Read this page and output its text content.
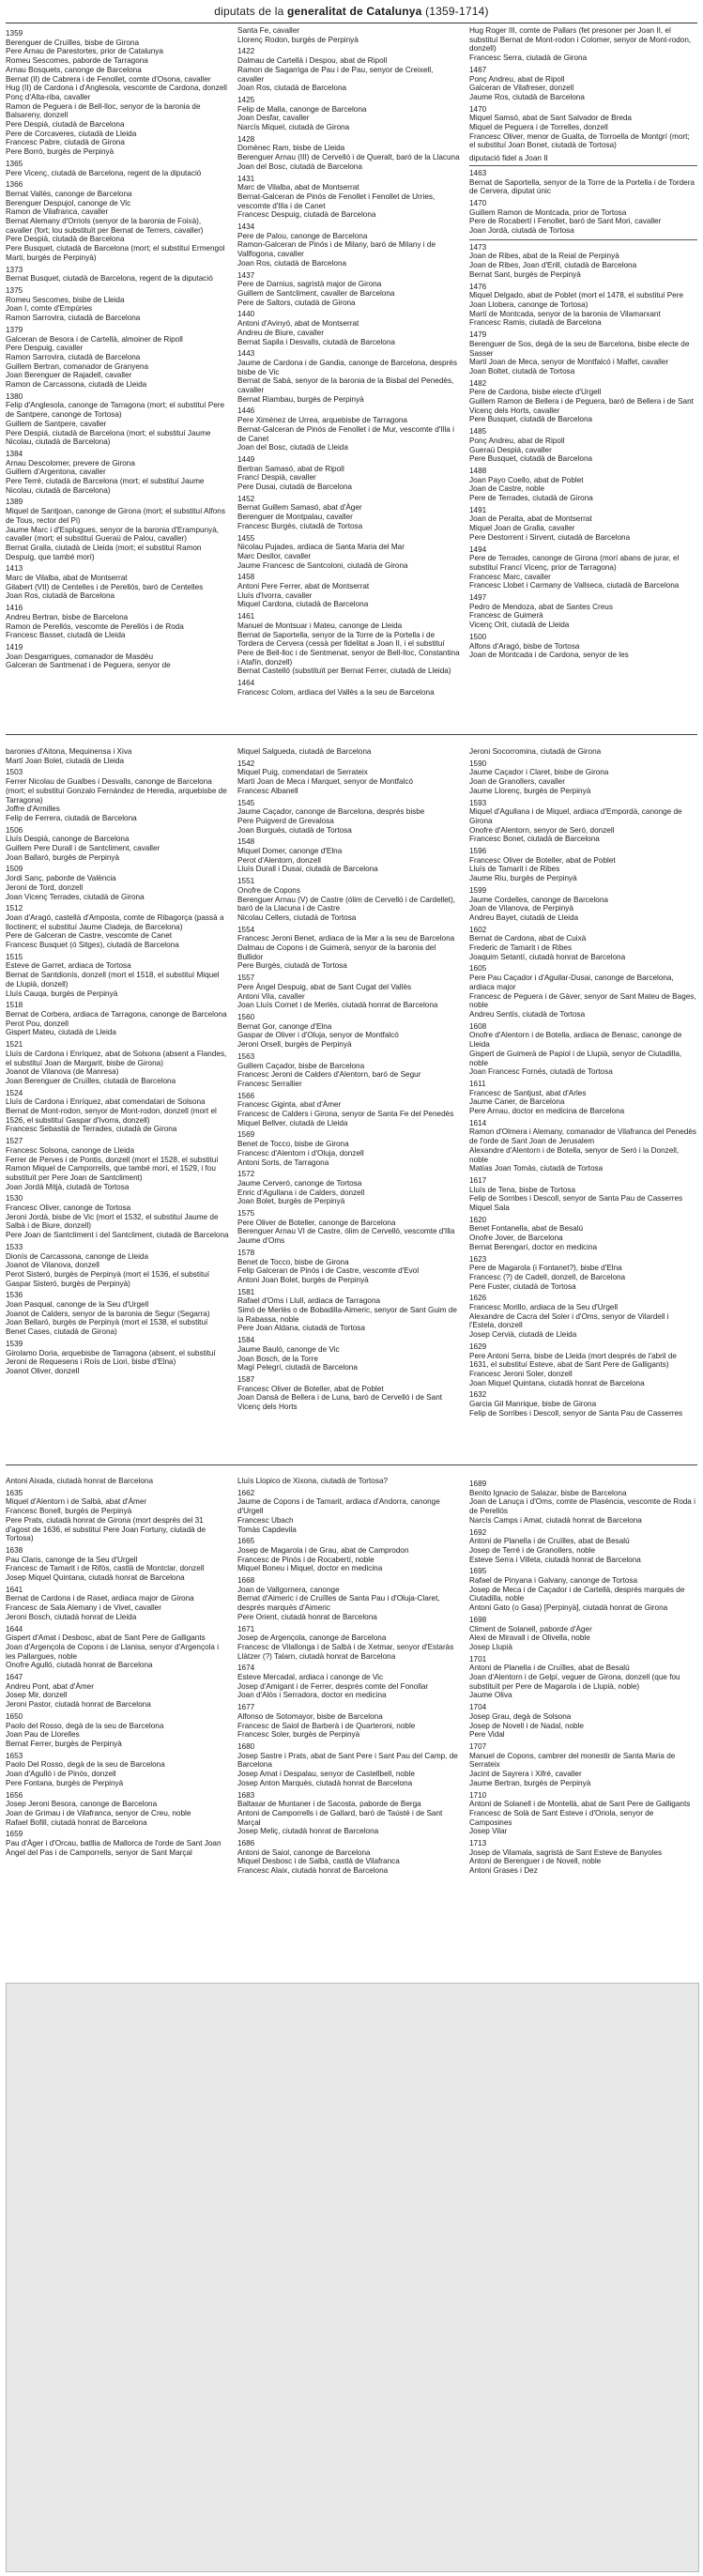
diputats de la generalitat de Catalunya (1359-1714)
1359
Berenguer de Cruïlles, bisbe de Girona
Pere Arnau de Parestortes, prior de Catalunya
Romeu Sescomes, paborde de Tarragona
Arnau Bosquets, canonge de Barcelona
Bernat (II) de Cabrera i de Fenollet, comte d'Osona, cavaller
Hug (II) de Cardona i d'Anglesola, vescomte de Cardona, donzell
Ponç d'Alta-riba, cavaller
Ramon de Peguera i de Bell-lloc, senyor de la baronia de Balsareny, donzell
Pere Despià, ciutadà de Barcelona
Pere de Corcaveres, ciutadà de Lleida
Francesc Pabre, ciutadà de Girona
Pere Borrò, burgès de Perpinyà
1365
Pere Vicenç, ciutadà de Barcelona, regent de la diputació
1366
Bernat Vallès, canonge de Barcelona
Berenguer Despujol, canonge de Vic
Ramon de Vilafranca, cavaller
Bernat Alemany d'Orriols (senyor de la baronia de Foixà), cavaller (fort; lou substituït per Bernat de Terrers, cavaller)
Pere Despià, ciutadà de Barcelona
Pere Busquet, ciutadà de Barcelona (mort; el substituí Ermengol Marti, burgès de Perpinyà)
1373
Bernat Busquet, ciutadà de Barcelona, regent de la diputació
1375
Romeu Sescomes, bisbe de Lleida
Joan I, comte d'Empúries
Ramon Sarrovira, ciutadà de Barcelona
1379
Galceran de Besora i de Cartellà, almoiner de Ripoll
Pere Despuig, cavaller
Ramon Sarrovira, ciutadà de Barcelona
Guillem Bertran, comanador de Granyena
Joan Berenguer de Rajadell, cavaller
Ramon de Carcassona, ciutadà de Lleida
1380
Felip d'Anglesola, canonge de Tarragona (mort; el substituí Pere de Santpere, canonge de Tortosa)
Guillem de Santpere, cavaller
Pere Despiá, ciutadà de Barcelona (mort; el substituí Jaume Nicolau, ciutadà de Barcelona)
1384
Arnau Descolomer, prevere de Girona
Guillem d'Argentona, cavaller
Pere Terré, ciutadà de Barcelona (mort; el substituí Jaume Nicolau, ciutadà de Barcelona)
1389
Miquel de Santjoan, canonge de Girona (mort; el substituí Alfons de Tous, rector del Pi)
Jaume Marc i d'Esplugues, senyor de la baronia d'Erampunyà, cavaller (mort; el substituí Gueraü de Palou, cavaller)
Bernat Gralla, ciutadà de Lleida (mort; el substituí Ramon Despuig, que també morí)
1413
Marc de Vilalba, abat de Montserrat
Gilabert (VII) de Centelles i de Perellós, baró de Centelles
Joan Ros, ciutadà de Barcelona
1416
Andreu Bertran, bisbe de Barcelona
Ramon de Perellós, vescomte de Perellós i de Roda
Francesc Basset, ciutadà de Lleida
1419
Joan Desgarrigues, comanador de Masdéu
Galceran de Santmenat i de Peguera, senyor de
Santa Fe, cavaller
Llorenç Rodon, burgès de Perpinyà
1422
Dalmau de Cartellà i Despou, abat de Ripoll
Ramon de Sagarriga de Pau i de Pau, senyor de Creixell, cavaller
Joan Ros, ciutadà de Barcelona
1425
Felip de Malla, canonge de Barcelona
Joan Desfar, cavaller
Narcís Miquel, ciutadà de Girona
1428
Domènec Ram, bisbe de Lleida
Berenguer Arnau (III) de Cervelló i de Queralt, baró de la Llacuna
Joan del Bosc, ciutadà de Barcelona
1431
Marc de Vilalba, abat de Montserrat
Bernat-Galceran de Pinós de Fenollet i Fenollet de Urries, vescomte d'Illa i de Canet
Francesc Despuig, ciutadà de Barcelona
1434
Pere de Palou, canonge de Barcelona
Ramon-Galceran de Pinós i de Milany, baró de Milany i de Vallfogona, cavaller
Joan Ros, ciutadà de Barcelona
1437
Pere de Darnius, sagristà major de Girona
Guillem de Santcliment, cavaller de Barcelona
Pere de Saltors, ciutadà de Girona
1440
Antoni d'Avinyó, abat de Montserrat
Andreu de Biure, cavaller
Bernat Sapila i Desvalls, ciutadà de Barcelona
1443
Jaume de Cardona i de Gandia, canonge de Barcelona, després bisbe de Vic
Bernat de Sabà, senyor de la baronia de la Bisbal del Penedès, cavaller
Bernat Riambau, burgès de Perpinyà
1446
Pere Ximénez de Urrea, arquebisbe de Tarragona
Bernat-Galceran de Pinós de Fenollet i de Mur, vescomte d'Illa i de Canet
Joan del Bosc, ciutadà de Lleida
1449
Bertran Samasó, abat de Ripoll
Francí Despià, cavaller
Pere Dusai, ciutadà de Barcelona
1452
Bernat Guillem Samasó, abat d'Àger
Berenguer de Montpalau, cavaller
Francesc Burgès, ciutadà de Tortosa
1455
Nicolau Pujades, ardiaca de Santa Maria del Mar
Marc Desllor, cavaller
Jaume Francesc de Santcoloni, ciutadà de Girona
1458
Antoni Pere Ferrer, abat de Montserrat
Lluís d'Ivorra, cavaller
Miquel Cardona, ciutadà de Barcelona
1461
Manuel de Montsuar i Mateu, canonge de Lleida
Bernat de Saportella, senyor de la Torre de la Portella i de Tordera de Cervera (cessà per fidelitat a Joan II, i el substituí Pere de Bell-lloc i de Sentmenat, senyor de Bell-lloc, Constantina i Atafín, donzell)
Bernat Castelló (substituït per Bernat Ferrer, ciutadà de Lleida)
1464
Francesc Colom, ardiaca del Vallès a la seu de Barcelona
Hug Roger III, comte de Pallars (fet presoner per Joan II, el substituí Bernat de Mont-rodon i Colomer, senyor de Mont-rodon, donzell)
Francesc Serra, ciutadà de Girona
1467
Ponç Andreu, abat de Ripoll
Galceran de Vilafreser, donzell
Jaume Ros, ciutadà de Barcelona
1470
Miquel Samsó, abat de Sant Salvador de Breda
Miquel de Peguera i de Torrelles, donzell
Francesc Oliver, menor de Gualta, de Torroella de Montgrí (mort; el substituí Joan Bonet, ciutadà de Tortosa)
diputació fidel a Joan II
1463
Bernat de Saportella, senyor de la Torre de la Portella i de Tordera de Cervera, diputat únic
1470
Guillem Ramon de Montcada, prior de Tortosa
Pere de Rocabertí i Fenollet, baró de Sant Mori, cavaller
Joan Jordà, ciutadà de Tortosa
1473
Joan de Ribes, abat de la Reial de Perpinyà
Joan de Ribes, Joan d'Erill, ciutadà de Barcelona
Bernat Sant, burgès de Perpinyà
1476
Miquel Delgado, abat de Poblet (mort el 1478, el substituí Pere Joan Llobera, canonge de Tortosa)
Martí de Montcada, senyor de la baronia de Vilamarxant
Francesc Ramis, ciutadà de Barcelona
1479
Berenguer de Sos, degà de la seu de Barcelona, bisbe electe de Sasser
Martí Joan de Meca, senyor de Montfalcó i Malfet, cavaller
Joan Boltet, ciutadà de Tortosa
1482
Pere de Cardona, bisbe electe d'Urgell
Guillem Ramon de Bellera i de Peguera, baró de Bellera i de Sant Vicenç dels Horts, cavaller
Pere Busquet, ciutadà de Barcelona
1485
Ponç Andreu, abat de Ripoll
Gueraü Despiá, cavaller
Pere Busquet, ciutadà de Barcelona
1488
Joan Payo Coello, abat de Poblet
Joan de Castre, noble
Pere de Terrades, ciutadà de Girona
1491
Joan de Peralta, abat de Montserrat
Miquel Joan de Gralla, cavaller
Pere Destorrent i Sirvent, ciutadà de Barcelona
1494
Pere de Terrades, canonge de Girona (morí abans de jurar, el substituí Francí Vicenç, prior de Tarragona)
Francesc Marc, cavaller
Francesc Llobet i Carmany de Vallseca, ciutadà de Barcelona
1497
Pedro de Mendoza, abat de Santes Creus
Francesc de Guimerà
Vicenç Orit, ciutadà de Lleida
1500
Alfons d'Aragó, bisbe de Tortosa
Joan de Montcada i de Cardona, senyor de les
baronies d'Aitona, Mequinensa i Xiva
Martí Joan Bolet, ciutadà de Lleida
1503
Ferrer Nicolau de Gualbes i Desvalls, canonge de Barcelona (mort; el substituí Gonzalo Fernández de Heredia, arquebisbe de Tarragona)
Joffre d'Armilles
Felip de Ferrera, ciutadà de Barcelona
1506
Lluís Despià, canonge de Barcelona
Guillem Pere Durall i de Santcliment, cavaller
Joan Ballaró, burgès de Perpinyà
1509
Jordi Sanç, paborde de València
Jeroni de Tord, donzell
Joan Vicenç Terrades, ciutadà de Girona
1512
Joan d'Aragó, castellà d'Amposta, comte de Ribagorça (passà a lloctinent; el substituí Jaume Cladeja, de Barcelona)
Pere de Galceran de Castre, vescomte de Canet
Francesc Busquet (ó Sitges), ciutadà de Barcelona
1515
Esteve de Garret, ardiaca de Tortosa
Bernat de Santdionís, donzell (mort el 1518, el substituí Miquel de Llupià, donzell)
Lluís Cauqa, burgès de Perpinyà
1518
Bernat de Corbera, ardiaca de Tarragona, canonge de Barcelona
Perot Pou, donzell
Gispert Mateu, ciutadà de Lleida
1521
Lluís de Cardona i Enríquez, abat de Solsona (absent a Flandes, el substituí Joan de Margarit, bisbe de Girona)
Joanot de Vilanova (de Manresa)
Joan Berenguer de Cruïlles, ciutadà de Barcelona
1524
Lluís de Cardona i Enríquez, abat comendatari de Solsona
Bernat de Mont-rodon, senyor de Mont-rodon, donzell (mort el 1526, el substituí Gaspar d'Ivorra, donzell)
Francesc Sebastià de Terrades, ciutadà de Girona
1527
Francesc Solsona, canonge de Lleida
Ferrer de Perves i de Pontis, donzell (mort el 1528, el substituí Ramon Miquel de Camporrells, que també morí, el 1529, i fou substituït per Pere Joan de Santcliment)
Joan Jordà Mitjà, ciutadà de Tortosa
1530
Francesc Oliver, canonge de Tortosa
Jeroni Jordà, bisbe de Vic (mort el 1532, el substituí Jaume de Salbà i de Biure, donzell)
Pere Joan de Santcliment i del Santcliment, ciutadà de Barcelona
1533
Dionís de Carcassona, canonge de Lleida
Joanot de Vilanova, donzell
Perot Sisteró, burgès de Perpinyà (mort el 1536, el substituí Gaspar Sisteró, burgès de Perpinyà)
1536
Joan Pasqual, canonge de la Seu d'Urgell
Joanot de Calders, senyor de la baronia de Segur (Segarra)
Joan Bellaró, burgès de Perpinyà (mort el 1538, el substituí Benet Cases, ciutadà de Girona)
1539
Girolamo Doria, arquebisbe de Tarragona (absent, el substituí Jeroni de Requesens i Roís de Liori, bisbe d'Elna)
Joanot Oliver, donzell
Miquel Salgueda, ciutadà de Barcelona
1542
Miquel Puig, comendatari de Serrateix
Martí Joan de Meca i Marquet, senyor de Montfalcó
Francesc Albanell
1545
Jaume Caçador, canonge de Barcelona, després bisbe
Pere Puigverd de Grevalosa
Joan Burgués, ciutadà de Tortosa
1548
Miquel Domer, canonge d'Elna
Perot d'Alentorn, donzell
Lluís Durall i Dusai, ciutadà de Barcelona
1551
Onofre de Copons
Berenguer Arnau (V) de Castre (ólim de Cervelló i de Cardellet), baró de la Llacuna i de Castre
Nicolau Cellers, ciutadà de Tortosa
1554
Francesc Jeroni Benet, ardiaca de la Mar a la seu de Barcelona
Dalmau de Copons i de Guimerà, senyor de la baronia del Bullidor
Pere Burgès, ciutadà de Tortosa
1557
Pere Àngel Despuig, abat de Sant Cugat del Vallès
Antoni Vila, cavaller
Joan Lluís Cornet i de Merlès, ciutadà honrat de Barcelona
1560
Bernat Gor, canonge d'Elna
Gaspar de Oliver i d'Oluja, senyor de Montfalcó
Jeroni Orsell, burgès de Perpinyà
1563
Guillem Caçador, bisbe de Barcelona
Francesc Jeroni de Calders d'Alentorn, baró de Segur
Francesc Serrallier
1566
Francesc Giginta, abat d'Àmer
Francesc de Calders i Girona, senyor de Santa Fe del Penedès
Miquel Bellver, ciutadà de Lleida
1569
Benet de Tocco, bisbe de Girona
Francesc d'Alentorn i d'Oluja, donzell
Antoni Sorts, de Tarragona
1572
Jaume Cerveró, canonge de Tortosa
Enric d'Agullana i de Calders, donzell
Joan Bolet, burgès de Perpinyà
1575
Pere Oliver de Boteller, canonge de Barcelona
Berenguer Arnau VI de Castre, ólim de Cervelló, vescomte d'Illa
Jaume d'Oms
1578
Benet de Tocco, bisbe de Girona
Felip Galceran de Pinós i de Castre, vescomte d'Evol
Antoni Joan Bolet, burgès de Perpinyà
1581
Rafael d'Oms i Llull, ardiaca de Tarragona
Simó de Merlès o de Bobadilla-Aimeric, senyor de Sant Guim de la Rabassa, noble
Pere Joan Aldana, ciutadà de Tortosa
1584
Jaume Bauló, canonge de Vic
Joan Bosch, de la Torre
Magí Pelegrí, ciutadà de Barcelona
1587
Francesc Oliver de Boteller, abat de Poblet
Joan Dansà de Bellera i de Luna, baró de Cervelló i de Sant Vicenç dels Horts
Jeroni Socorromina, ciutadà de Girona
1590
Jaume Caçador i Claret, bisbe de Girona
Joan de Granollers, cavaller
Jaume Llorenç, burgès de Perpinyà
1593
Miquel d'Agullana i de Miquel, ardiaca d'Empordà, canonge de Girona
Onofre d'Alentorn, senyor de Seró, donzell
Francesc Bonet, ciutadà de Barcelona
1596
Francesc Oliver de Boteller, abat de Poblet
Lluís de Tamarit i de Ribes
Jaume Riu, burgès de Perpinyà
1599
Jaume Cordelles, canonge de Barcelona
Joan de Vilanova, de Perpinyà
Andreu Bayet, ciutadà de Lleida
1602
Bernat de Cardona, abat de Cuixà
Frederic de Tamarit i de Ribes
Joaquim Setantí, ciutadà honrat de Barcelona
1605
Pere Pau Caçador i d'Aguilar-Dusai, canonge de Barcelona, ardiaca major
Francesc de Peguera i de Gàver, senyor de Sant Mateu de Bages, noble
Andreu Sentís, ciutadà de Tortosa
1608
Onofre d'Alentorn i de Botella, ardiaca de Benasc, canonge de Lleida
Gispert de Guimerà de Papiol i de Llupià, senyor de Ciutadilla, noble
Joan Francesc Fornés, ciutadà de Tortosa
1611
Francesc de Santjust, abat d'Arles
Jaume Caner, de Barcelona
Pere Arnau, doctor en medicina de Barcelona
1614
Ramon d'Olmera i Alemany, comanador de Vilafranca del Penedès de l'orde de Sant Joan de Jerusalem
Alexandre d'Alentorn i de Botella, senyor de Seró i la Donzell, noble
Matías Joan Tomàs, ciutadà de Tortosa
1617
Lluís de Tena, bisbe de Tortosa
Felip de Sorribes i Descoll, senyor de Santa Pau de Casserres
Miquel Sala
1620
Benet Fontanella, abat de Besalú
Onofre Jover, de Barcelona
Bernat Berengarí, doctor en medicina
1623
Pere de Magarola (i Fontanet?), bisbe d'Elna
Francesc (?) de Cadell, donzell, de Barcelona
Pere Fuster, ciutadà de Tortosa
1626
Francesc Morillo, ardiaca de la Seu d'Urgell
Alexandre de Cacra del Soler i d'Oms, senyor de Vilardell i l'Estela, donzell
Josep Cervià, ciutadà de Lleida
1629
Pere Antoni Serra, bisbe de Lleida (mort després de l'abril de 1631, el substituí Esteve, abat de Sant Pere de Galligants)
Francesc Jeroni Soler, donzell
Joan Miquel Quintana, ciutadà honrat de Barcelona
1632
Garcia Gil Manrique, bisbe de Girona
Felip de Sorribes i Descoll, senyor de Santa Pau de Casserres
Antoni Aixada, ciutadà honrat de Barcelona
1635
Miquel d'Alentorn i de Salbà, abat d'Àmer
Francesc Bonell, burgès de Perpinyà
Pere Prats, ciutadà honrat de Girona (mort després del 31 d'agost de 1636, el substituí Pere Joan Fortuny, ciutadà de Tortosa)
1638
Pau Claris, canonge de la Seu d'Urgell
Francesc de Tamarit i de Rifós, castlà de Montclar, donzell
Josep Miquel Quintana, ciutadà honrat de Barcelona
1641
Bernat de Cardona i de Raset, ardiaca major de Girona
Francesc de Sala Alemany i de Vivet, cavaller
Jeroni Bosch, ciutadà honrat de Lleida
1644
Gispert d'Amat i Desbosc, abat de Sant Pere de Galligants
Joan d'Argençola de Copons i de Llanisa, senyor d'Argençola i les Pallargues, noble
Onofre Agulló, ciutadà honrat de Barcelona
1647
Andreu Pont, abat d'Àmer
Josep Mir, donzell
Jeroni Pastor, ciutadà honrat de Barcelona
1650
Paolo del Rosso, degà de la seu de Barcelona
Joan Pau de Llorelles
Bernat Ferrer, burgès de Perpinyà
1653
Paolo Del Rosso, degà de la seu de Barcelona
Joan d'Agulló i de Pinós, donzell
Pere Fontana, burgès de Perpinyà
1656
Josep Jeroni Besora, canonge de Barcelona
Joan de Grimau i de Vilafranca, senyor de Creu, noble
Rafael Bofill, ciutadà honrat de Barcelona
1659
Pau d'Àger i d'Orcau, batllia de Mallorca de l'orde de Sant Joan
Àngel del Pas i de Camporrells, senyor de Sant Marçal
Lluís Llopico de Xixona, ciutadà de Tortosa?
1662
Jaume de Copons i de Tamarit, ardiaca d'Andorra, canonge d'Urgell
Francesc Ubach
Tomàs Capdevila
1665
Josep de Magarola i de Grau, abat de Camprodon
Francesc de Pinós i de Rocabertí, noble
Miquel Boneu i Miquel, doctor en medicina
1668
Joan de Vallgornera, canonge
Bernat d'Aimeric i de Cruïlles de Santa Pau i d'Oluja-Claret, després marquès d'Aimeric
Pere Orient, ciutadà honrat de Barcelona
1671
Josep de Argençola, canonge de Barcelona
Francesc de Vilallonga i de Salbà i de Xetmar, senyor d'Estaràs
Llàtzer (?) Talarn, ciutadà honrat de Barcelona
1674
Esteve Mercadal, ardiaca i canonge de Vic
Josep d'Amigant i de Ferrer, després comte del Fonollar
Joan d'Alòs i Serradora, doctor en medicina
1677
Alfonso de Sotomayor, bisbe de Barcelona
Francesc de Saiol de Barberà i de Quarteroni, noble
Francesc Soler, burgès de Perpinyà
1680
Josep Sastre i Prats, abat de Sant Pere i Sant Pau del Camp, de Barcelona
Josep Amat i Despalau, senyor de Castellbell, noble
Josep Anton Marquès, ciutadà honrat de Barcelona
1683
Baltasar de Muntaner i de Sacosta, paborde de Berga
Antoni de Camporrells i de Gallard, baró de Taústé i de Sant Marçal
Josep Meliç, ciutadà honrat de Barcelona
1686
Antoni de Saiol, canonge de Barcelona
Miquel Desbosc i de Salbà, castlà de Vilafranca
Francesc Alaix, ciutadà honrat de Barcelona
1689
Benito Ignacio de Salazar, bisbe de Barcelona
Joan de Lanuça i d'Oms, comte de Plasència, vescomte de Roda i de Perellós
Narcís Camps i Amat, ciutadà honrat de Barcelona
1692
Antoni de Planella i de Cruïlles, abat de Besalú
Josep de Terré i de Granollers, noble
Esteve Serra i Villeta, ciutadà honrat de Barcelona
1695
Rafael de Pinyana i Galvany, canonge de Tortosa
Josep de Meca i de Caçador i de Cartellà, després marquès de Ciutadilla, noble
Antoni Gato (o Gasa) [Perpinyà], ciutadà honrat de Girona
1698
Climent de Solanell, paborde d'Àger
Alexi de Miravall i de Olivella, noble
Josep Llupià
1701
Antoni de Planella i de Cruïlles, abat de Besalú
Joan d'Alentorn i de Gelpí, veguer de Girona, donzell (que fou substituït per Pere de Magarola i de Llupià, noble)
Jaume Oliva
1704
Josep Grau, degà de Solsona
Josep de Novell i de Nadal, noble
Pere Vidal
1707
Manuel de Copons, cambrer del monestir de Santa Maria de Serrateix
Jacint de Sayrera i Xifré, cavaller
Jaume Bertran, burgès de Perpinyà
1710
Antoni de Solanell i de Montellà, abat de Sant Pere de Galligants
Francesc de Solà de Sant Esteve i d'Oriola, senyor de Camposines
Josep Vilar
1713
Josep de Vilamala, sagristà de Sant Esteve de Banyoles
Antoni de Berenguer i de Novell, noble
Antoni Grases i Dez
